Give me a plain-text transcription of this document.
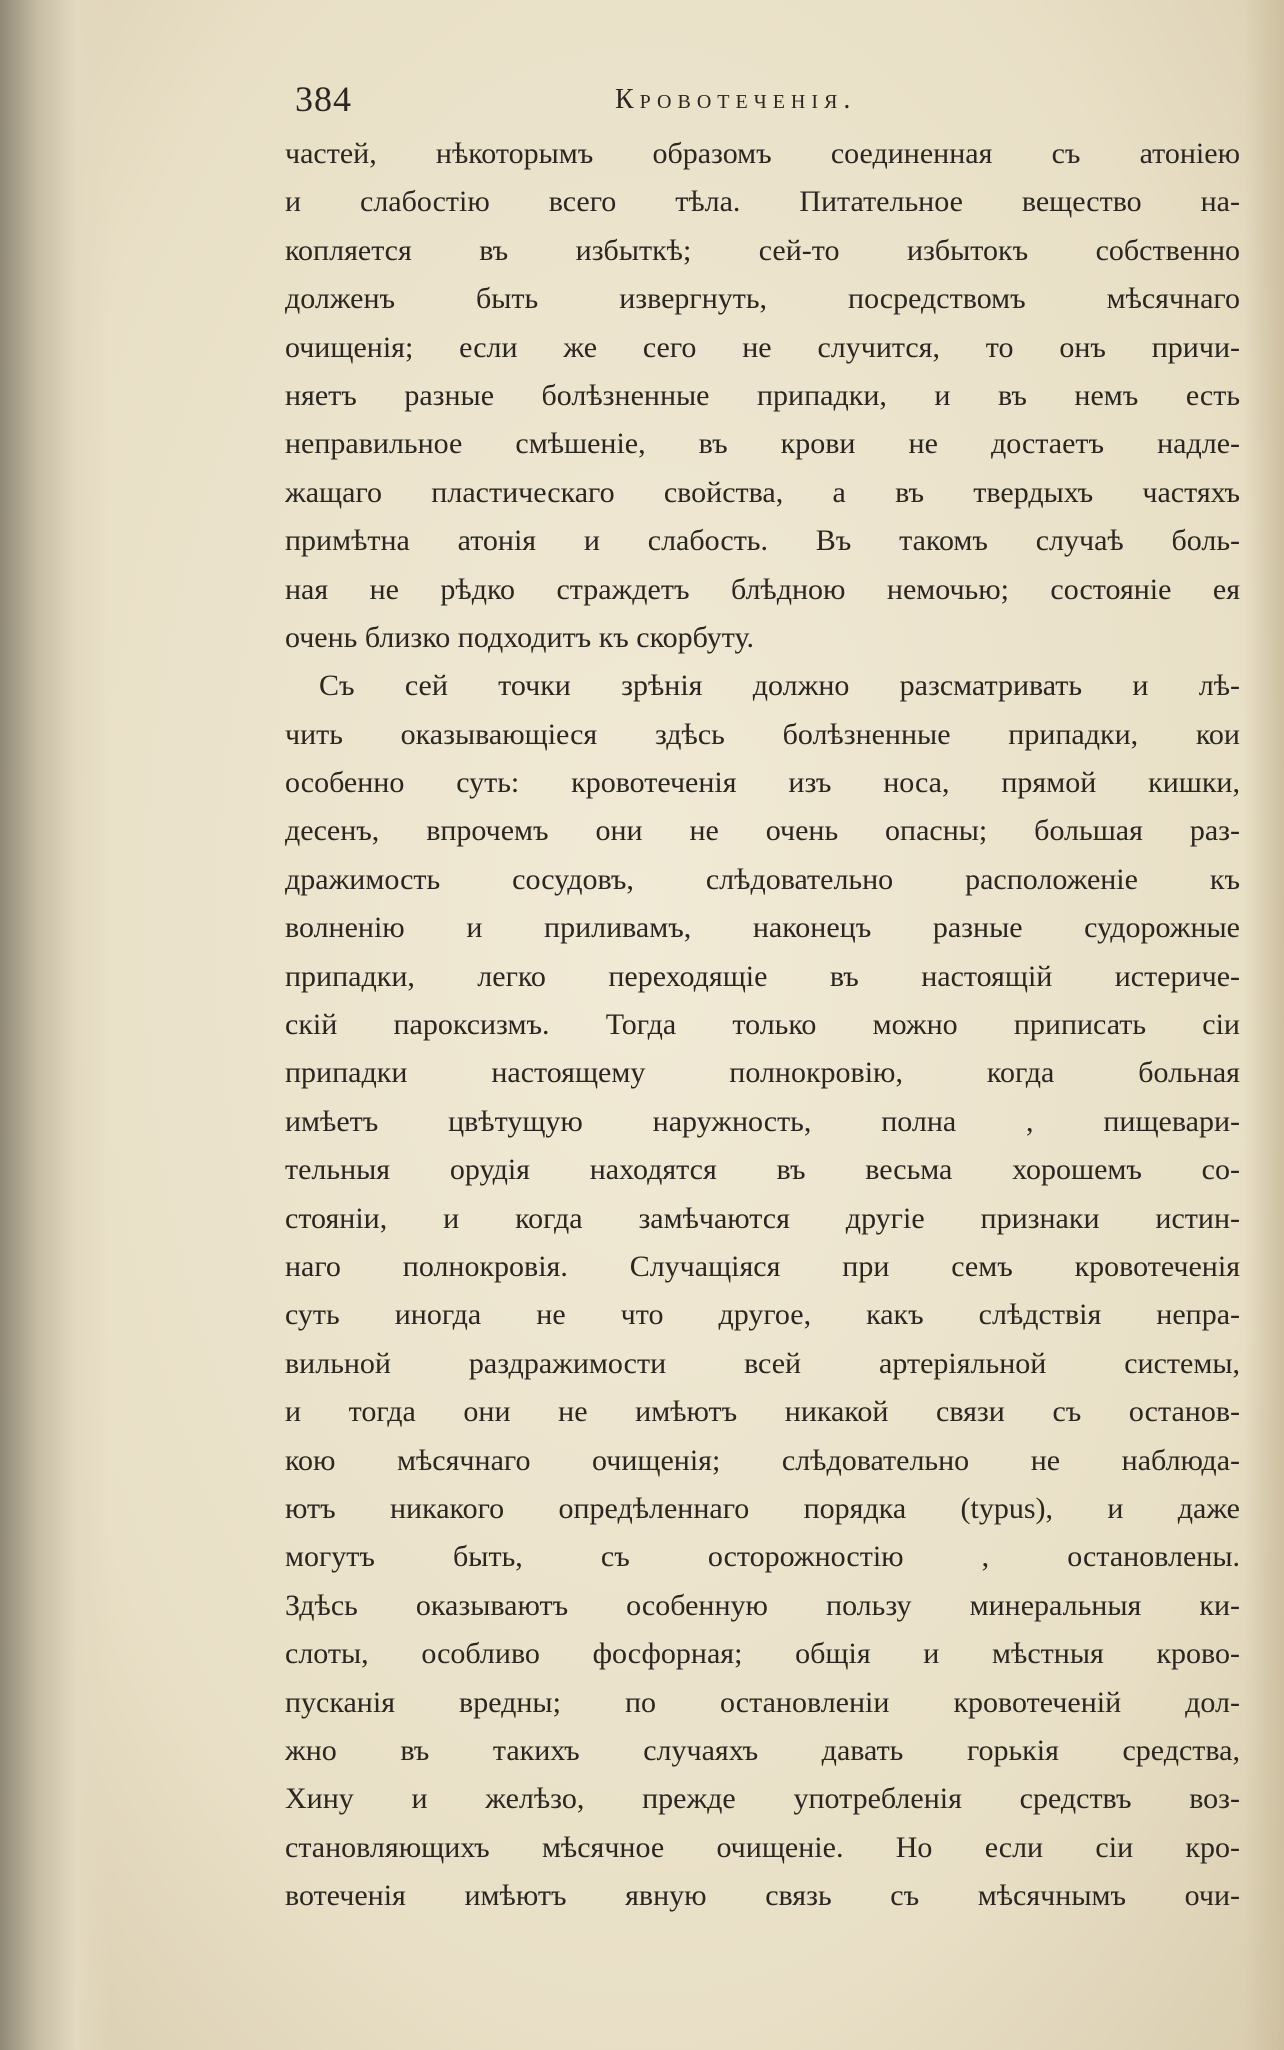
384	Кровотеченія.
частей, нѣкоторымъ образомъ соединенная съ атоніею
и слабостію всего тѣла. Питательное вещество на-
копляется въ избыткѣ; сей-то избытокъ собственно
долженъ быть извергнуть, посредствомъ мѣсячнаго
очищенія; если же сего не случится, то онъ причи-
няетъ разные болѣзненные припадки, и въ немъ есть
неправильное смѣшеніе, въ крови не достаетъ надле-
жащаго пластическаго свойства, а въ твердыхъ частяхъ
примѣтна атонія и слабость. Въ такомъ случаѣ боль-
ная не рѣдко страждетъ блѣдною немочью; состояніе ея
очень близко подходитъ къ скорбуту.
Съ сей точки зрѣнія должно разсматривать и лѣ-
чить оказывающіеся здѣсь болѣзненные припадки, кои
особенно суть: кровотеченія изъ носа, прямой кишки,
деcенъ, впрочемъ они не очень опасны; большая раз-
дражимость сосудовъ, слѣдовательно расположеніе къ
волненію и приливамъ, наконецъ разные судорожные
припадки, легко переходящіе въ настоящій истериче-
скій пароксизмъ. Тогда только можно приписать сіи
припадки настоящему полнокровію, когда больная
имѣетъ цвѣтущую наружность, полна , пищевари-
тельныя орудія находятся въ весьма хорошемъ со-
стояніи, и когда замѣчаются другіе признаки истин-
наго полнокровія. Случащіяся при семъ кровотеченія
суть иногда не что другое, какъ слѣдствія непра-
вильной раздражимости всей артеріяльной системы,
и тогда они не имѣютъ никакой связи съ останов-
кою мѣсячнаго очищенія; слѣдовательно не наблюда-
ютъ никакого опредѣленнаго порядка (typus), и даже
могутъ быть, съ осторожностію , остановлены.
Здѣсь оказываютъ особенную пользу минеральныя ки-
слоты, особливо фосфорная; общія и мѣстныя крово-
пусканія вредны; по остановленіи кровотеченій дол-
жно въ такихъ случаяхъ давать горькія средства,
Хину и желѣзо, прежде употребленія средствъ воз-
становляющихъ мѣсячное очищеніе. Но если сіи кро-
вотеченія имѣютъ явную связь съ мѣсячнымъ очи-
